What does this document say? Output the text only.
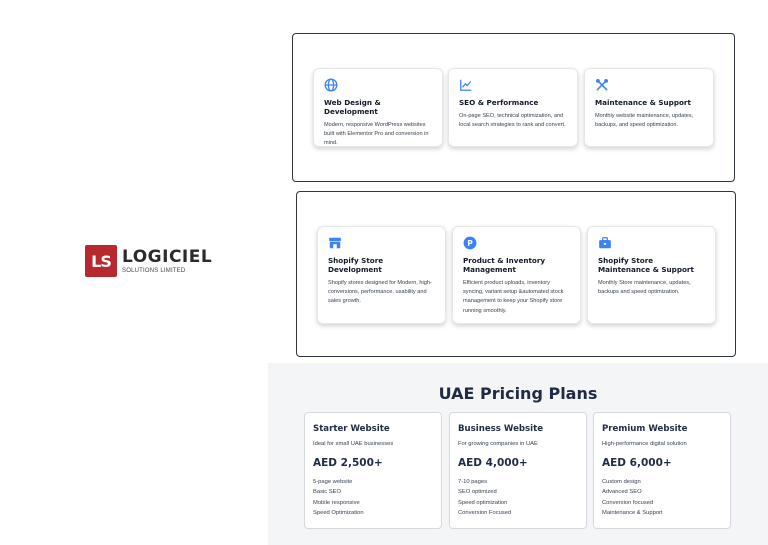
LS LOGICIEL
SOLUTIONS LIMITED
Web Design & Development
Modern, responsive WordPress websites built with Elementor Pro and conversion in mind.
SEO & Performance
On-page SEO, technical optimization, and local search strategies to rank and convert.
Maintenance & Support
Monthly website maintenance, updates, backups, and speed optimization.
Shopify Store Development
Shopify stores designed for Modern, high-conversions, performance, usability and sales growth.
P
Product & Inventory Management
Efficient product uploads, inventory syncing, variant setup &automated stock management to keep your Shopify store running smoothly.
Shopify Store Maintenance & Support
Monthly Store maintenance, updates, backups and speed optimization.
UAE Pricing Plans
Starter Website
Ideal for small UAE businesses
AED 2,500+
5-page website
Basic SEO
Mobile responsive
Speed Optimization
Business Website
For growing companies in UAE
AED 4,000+
7-10 pages
SEO optimized
Speed optimization
Conversion Focused
Premium Website
High-performance digital solution
AED 6,000+
Custom design
Advanced SEO
Conversion focused
Maintenance & Support
